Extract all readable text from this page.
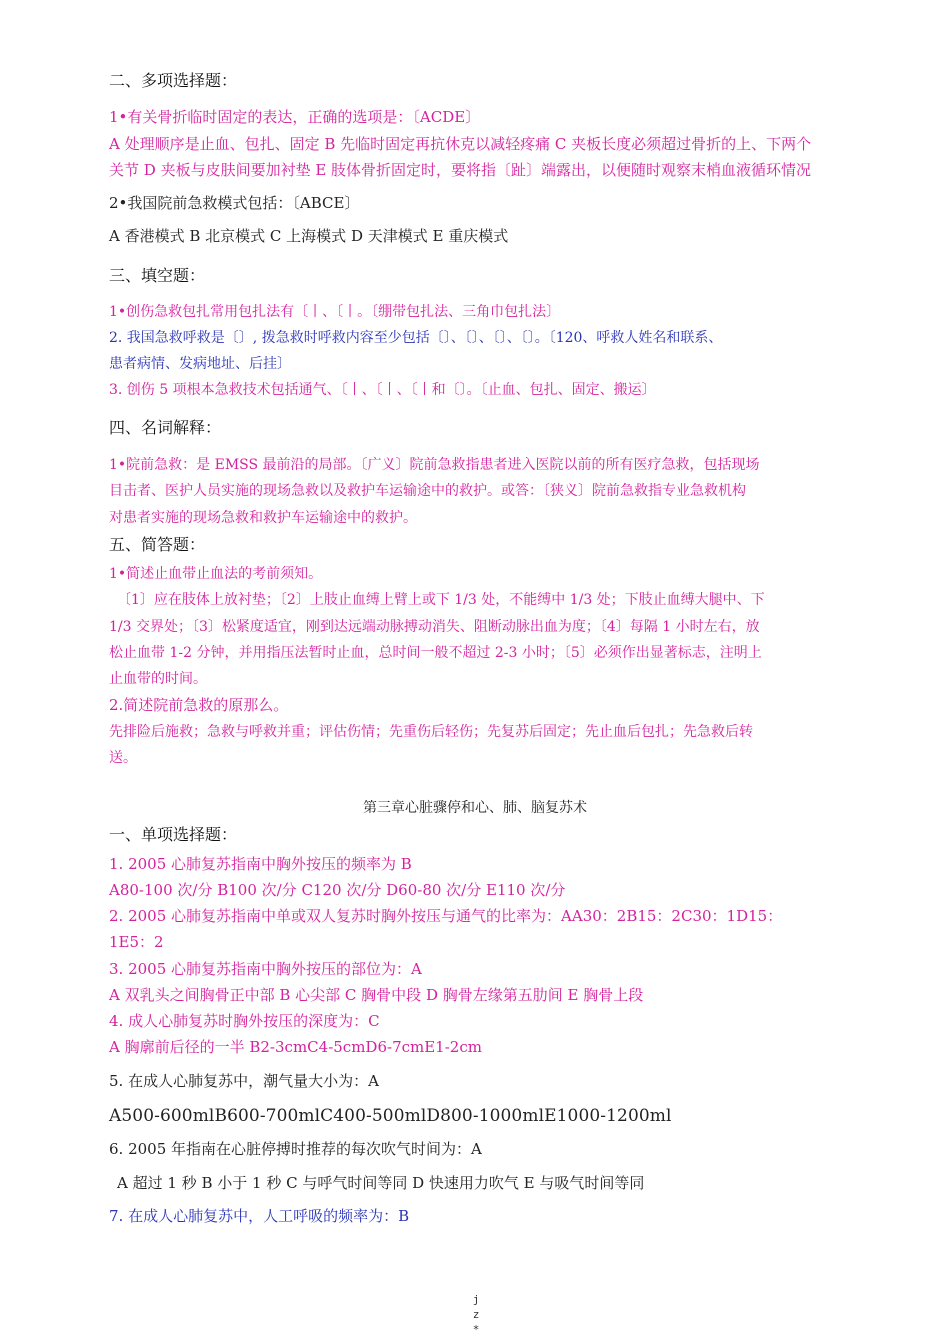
二、多项选择题：
1•有关骨折临时固定的表达，正确的选项是：〔ACDE〕
A 处理顺序是止血、包扎、固定 B 先临时固定再抗休克以减轻疼痛 C 夹板长度必须超过骨折的上、下两个
关节 D 夹板与皮肤间要加衬垫 E 肢体骨折固定时，要将指〔趾〕端露出，以便随时观察末梢血液循环情况
2•我国院前急救模式包括：〔ABCE〕
A 香港模式 B 北京模式 C 上海模式 D 天津模式 E 重庆模式
三、填空题：
1•创伤急救包扎常用包扎法有〔丨、〔丨。〔绷带包扎法、三角巾包扎法〕
2. 我国急救呼救是〔〕, 拨急救时呼救内容至少包括〔〕、〔〕、〔〕、〔〕。〔120、呼救人姓名和联系、
患者病情、发病地址、后挂〕
3. 创伤 5 项根本急救技术包括通气、〔丨、〔丨、〔丨和〔〕。〔止血、包扎、固定、搬运〕
四、名词解释：
1•院前急救：是 EMSS 最前沿的局部。〔广义〕院前急救指患者进入医院以前的所有医疗急救，包括现场
目击者、医护人员实施的现场急救以及救护车运输途中的救护。或答：〔狭义〕院前急救指专业急救机构
对患者实施的现场急救和救护车运输途中的救护。
五、简答题：
1•简述止血带止血法的考前须知。
〔1〕应在肢体上放衬垫；〔2〕上肢止血缚上臂上或下 1/3 处，不能缚中 1/3 处；下肢止血缚大腿中、下
1/3 交界处；〔3〕松紧度适宜，刚到达远端动脉搏动消失、阻断动脉出血为度；〔4〕每隔 1 小时左右，放
松止血带 1-2 分钟，并用指压法暂时止血，总时间一般不超过 2-3 小时；〔5〕必须作出显著标志，注明上
止血带的时间。
2.简述院前急救的原那么。
先排险后施救；急救与呼救并重；评估伤情；先重伤后轻伤；先复苏后固定；先止血后包扎；先急救后转
送。
第三章心脏骤停和心、肺、脑复苏术
一、单项选择题：
1. 2005 心肺复苏指南中胸外按压的频率为 B
A80-100 次/分 B100 次/分 C120 次/分 D60-80 次/分 E110 次/分
2. 2005 心肺复苏指南中单或双人复苏时胸外按压与通气的比率为：AA30：2B15：2C30：1D15：
1E5：2
3. 2005 心肺复苏指南中胸外按压的部位为：A
A 双乳头之间胸骨正中部 B 心尖部 C 胸骨中段 D 胸骨左缘第五肋间 E 胸骨上段
4. 成人心肺复苏时胸外按压的深度为：C
A 胸廓前后径的一半 B2-3cmC4-5cmD6-7cmE1-2cm
5. 在成人心肺复苏中，潮气量大小为：A
A500-600mlB600-700mlC400-500mlD800-1000mlE1000-1200ml
6. 2005 年指南在心脏停搏时推荐的每次吹气时间为：A
A 超过 1 秒 B 小于 1 秒 C 与呼气时间等同 D 快速用力吹气 E 与吸气时间等同
7. 在成人心肺复苏中，人工呼吸的频率为：B
j
z
*
